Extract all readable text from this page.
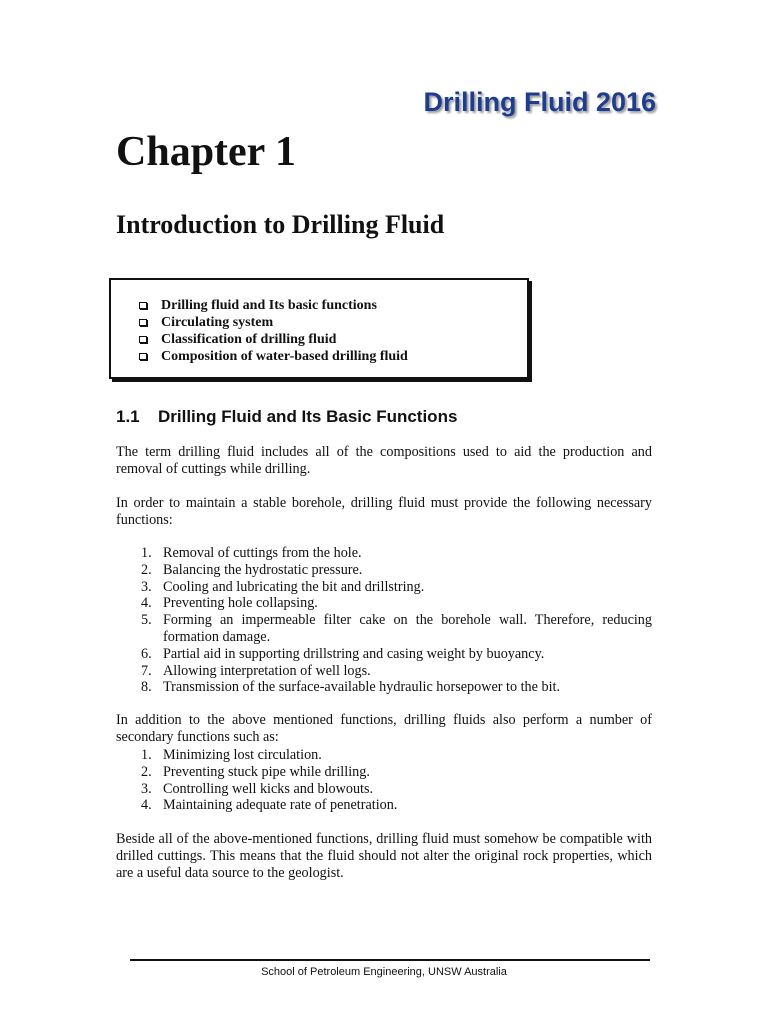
Drilling Fluid 2016
Chapter 1
Introduction to Drilling Fluid
Drilling fluid and Its basic functions
Circulating system
Classification of drilling fluid
Composition of water-based drilling fluid
1.1 Drilling Fluid and Its Basic Functions

The term drilling fluid includes all of the compositions used to aid the production and removal of cuttings while drilling.

In order to maintain a stable borehole, drilling fluid must provide the following necessary functions:

1. Removal of cuttings from the hole.
2. Balancing the hydrostatic pressure.
3. Cooling and lubricating the bit and drillstring.
4. Preventing hole collapsing.
5. Forming an impermeable filter cake on the borehole wall. Therefore, reducing formation damage.
6. Partial aid in supporting drillstring and casing weight by buoyancy.
7. Allowing interpretation of well logs.
8. Transmission of the surface-available hydraulic horsepower to the bit.

In addition to the above mentioned functions, drilling fluids also perform a number of secondary functions such as:

1. Minimizing lost circulation.
2. Preventing stuck pipe while drilling.
3. Controlling well kicks and blowouts.
4. Maintaining adequate rate of penetration.

Beside all of the above-mentioned functions, drilling fluid must somehow be compatible with drilled cuttings. This means that the fluid should not alter the original rock properties, which are a useful data source to the geologist.

School of Petroleum Engineering, UNSW Australia
